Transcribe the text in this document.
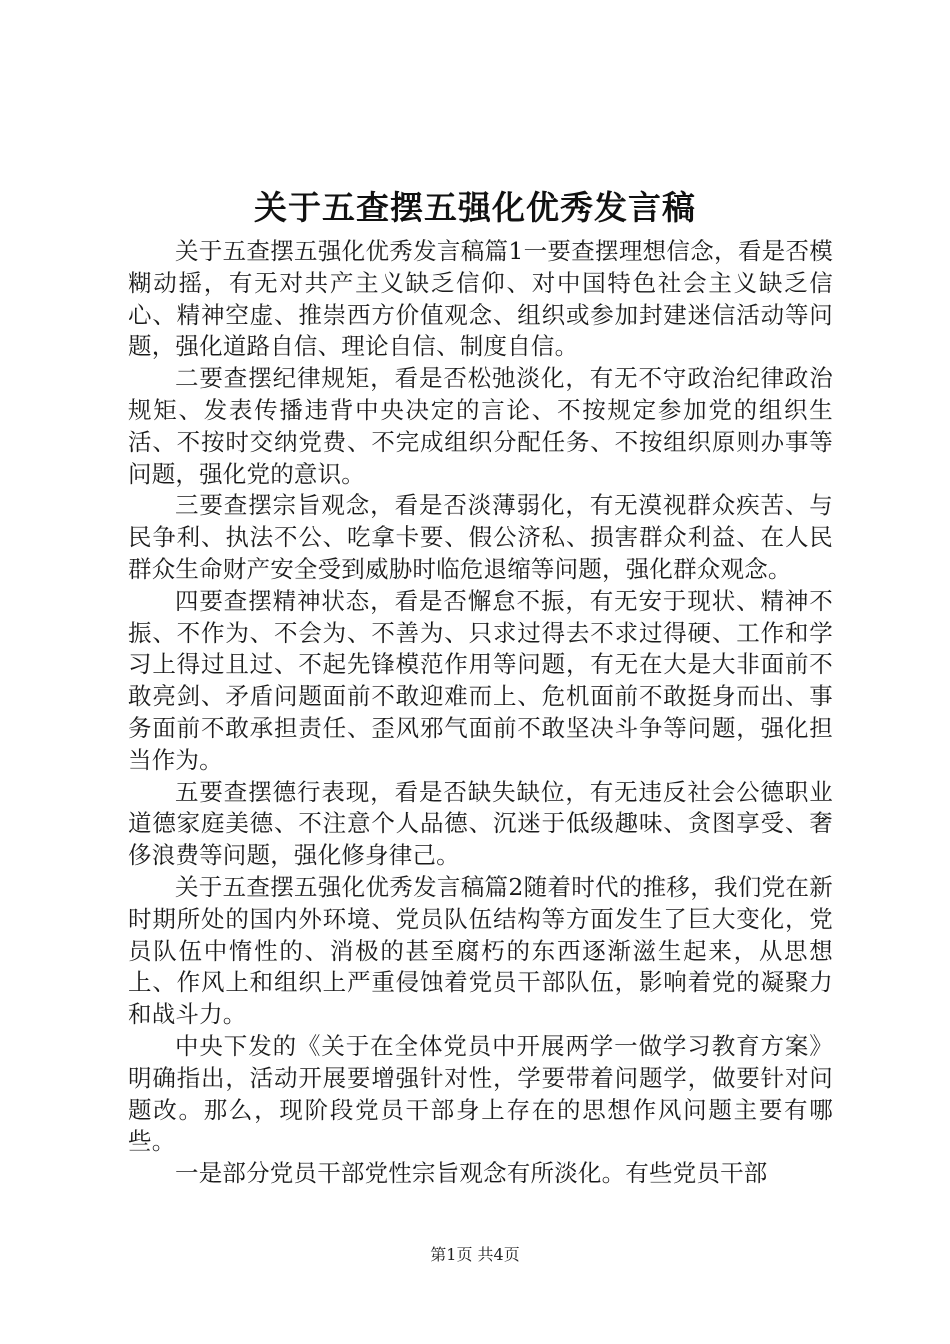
关于五查摆五强化优秀发言稿

关于五查摆五强化优秀发言稿篇1一要查摆理想信念，看是否模糊动摇，有无对共产主义缺乏信仰、对中国特色社会主义缺乏信心、精神空虚、推崇西方价值观念、组织或参加封建迷信活动等问题，强化道路自信、理论自信、制度自信。

二要查摆纪律规矩，看是否松弛淡化，有无不守政治纪律政治规矩、发表传播违背中央决定的言论、不按规定参加党的组织生活、不按时交纳党费、不完成组织分配任务、不按组织原则办事等问题，强化党的意识。

三要查摆宗旨观念，看是否淡薄弱化，有无漠视群众疾苦、与民争利、执法不公、吃拿卡要、假公济私、损害群众利益、在人民群众生命财产安全受到威胁时临危退缩等问题，强化群众观念。

四要查摆精神状态，看是否懈怠不振，有无安于现状、精神不振、不作为、不会为、不善为、只求过得去不求过得硬、工作和学习上得过且过、不起先锋模范作用等问题，有无在大是大非面前不敢亮剑、矛盾问题面前不敢迎难而上、危机面前不敢挺身而出、事务面前不敢承担责任、歪风邪气面前不敢坚决斗争等问题，强化担当作为。

五要查摆德行表现，看是否缺失缺位，有无违反社会公德职业道德家庭美德、不注意个人品德、沉迷于低级趣味、贪图享受、奢侈浪费等问题，强化修身律己。

关于五查摆五强化优秀发言稿篇2随着时代的推移，我们党在新时期所处的国内外环境、党员队伍结构等方面发生了巨大变化，党员队伍中惰性的、消极的甚至腐朽的东西逐渐滋生起来，从思想上、作风上和组织上严重侵蚀着党员干部队伍，影响着党的凝聚力和战斗力。

中央下发的《关于在全体党员中开展两学一做学习教育方案》明确指出，活动开展要增强针对性，学要带着问题学，做要针对问题改。那么，现阶段党员干部身上存在的思想作风问题主要有哪些。

一是部分党员干部党性宗旨观念有所淡化。有些党员干部

第1页 共4页
